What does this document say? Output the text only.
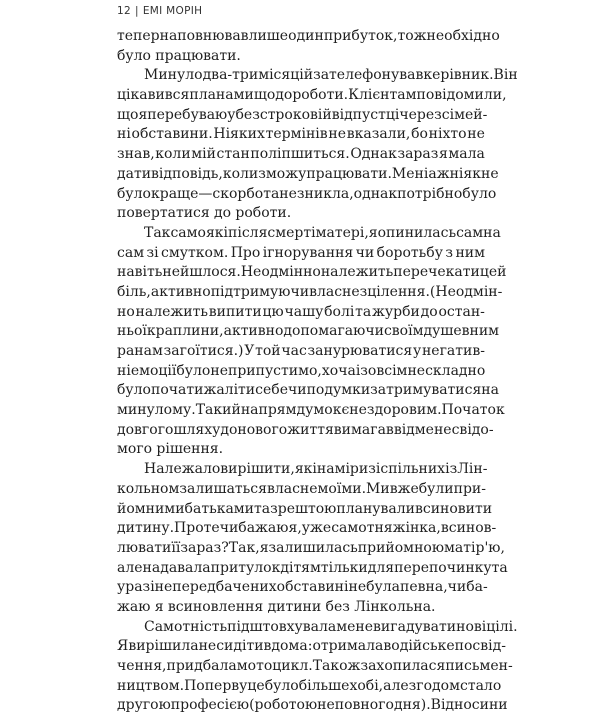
12 | ЕМІ МОРІН
тепер наповнював лише один прибуток, тож необхідно
було працювати.
Минуло два-три місяці й зателефонував керівник. Він
цікавився планами щодо роботи. Клієнтам повідомили,
що я перебуваю у безстроковій відпустці через сімей-
ні обставини. Ніяких термінів не вказали, бо ніхто не
знав, коли мій стан поліпшиться. Однак зараз я мала
дати відповідь, коли зможу працювати. Мені аж ніяк не
було краще — скорбота не зникла, однак потрібно було
повертатися до роботи.
Так само як і після смерті матері, я опинилась сам на
сам зі смутком. Про ігнорування чи боротьбу з ним
навіть не йшлося. Неодмінно належить перечекати цей
біль, активно підтримуючи власне зцілення. (Неодмін-
но належить випити цю чашу болі та журби до остан-
ньої краплини, активно допомагаючи своїм душевним
ранам загоїтися.) У той час занурюватися у негатив-
ні емоції було неприпустимо, хоча і зовсім не складно
було почати жаліти себе чи подумки затримуватися на
минулому. Такий напрям думок є нездоровим. Початок
довгого шляху до нового життя вимагав від мене свідо-
мого рішення.
Належало вирішити, які наміри зі спільних із Лін-
кольном залишаться власне моїми. Ми вже були при-
йомними батьками та зрештою планували всиновити
дитину. Проте чи бажаю я, уже самотня жінка, всинов-
лювати її зараз? Так, я залишилась прийомною матір'ю,
але надавала притулок дітям тільки для перепочинку та
у разі непередбачених обставин і не була певна, чи ба-
жаю я всиновлення дитини без Лінкольна.
Самотність підштовхувала мене вигадувати нові цілі.
Я вирішила не сидіти вдома: отримала водійське посвід-
чення, придбала мотоцикл. Також захопилася письмен-
ництвом. Поперву це було більше хобі, але згодом стало
другою професією (роботою неповного дня). Відносини
